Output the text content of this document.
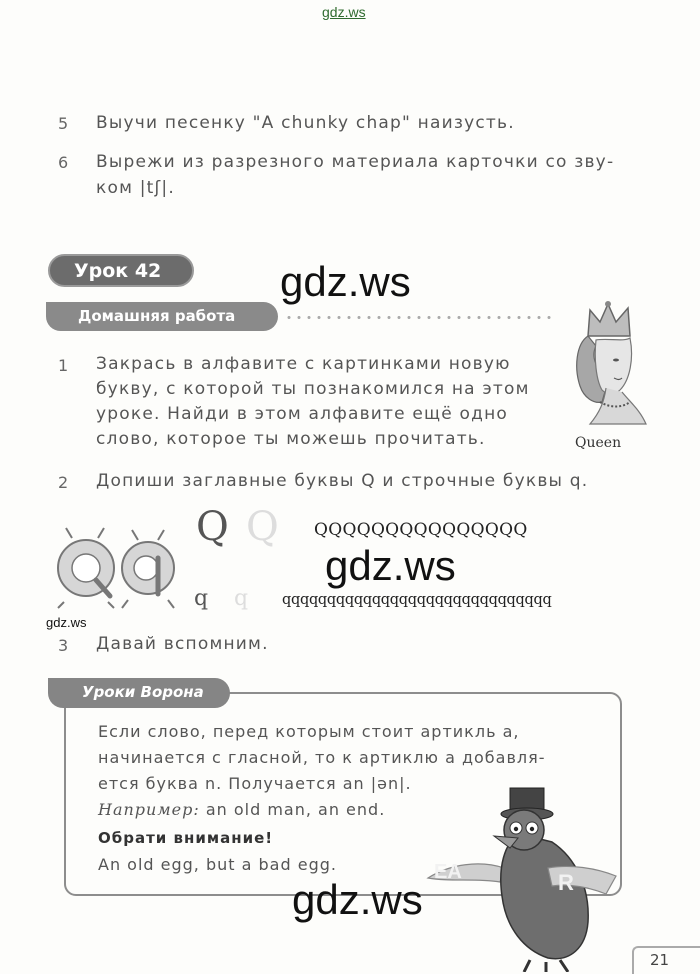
gdz.ws
5 Выучи песенку "A chunky chap" наизусть.
6 Вырежи из разрезного материала карточки со зву-
ком |tʃ|.
Урок 42	gdz.ws
Домашняя работа
1 Закрась в алфавите с картинками новую
букву, с которой ты познакомился на этом
уроке. Найди в этом алфавите ещё одно
слово, которое ты можешь прочитать.	Queen
2 Допиши заглавные буквы Q и строчные буквы q.
Q Q QQQQQQQQQQQQQQQ
gdz.ws
q q qqqqqqqqqqqqqqqqqqqqqqqqqqqqqq
gdz.ws
3 Давай вспомним.
Уроки Ворона
Если слово, перед которым стоит артикль a,
начинается с гласной, то к артиклю a добавля-
ется буква n. Получается an |ən|.
Например: an old man, an end.
Обрати внимание!
An old egg, but a bad egg.
R
EA
gdz.ws
21
